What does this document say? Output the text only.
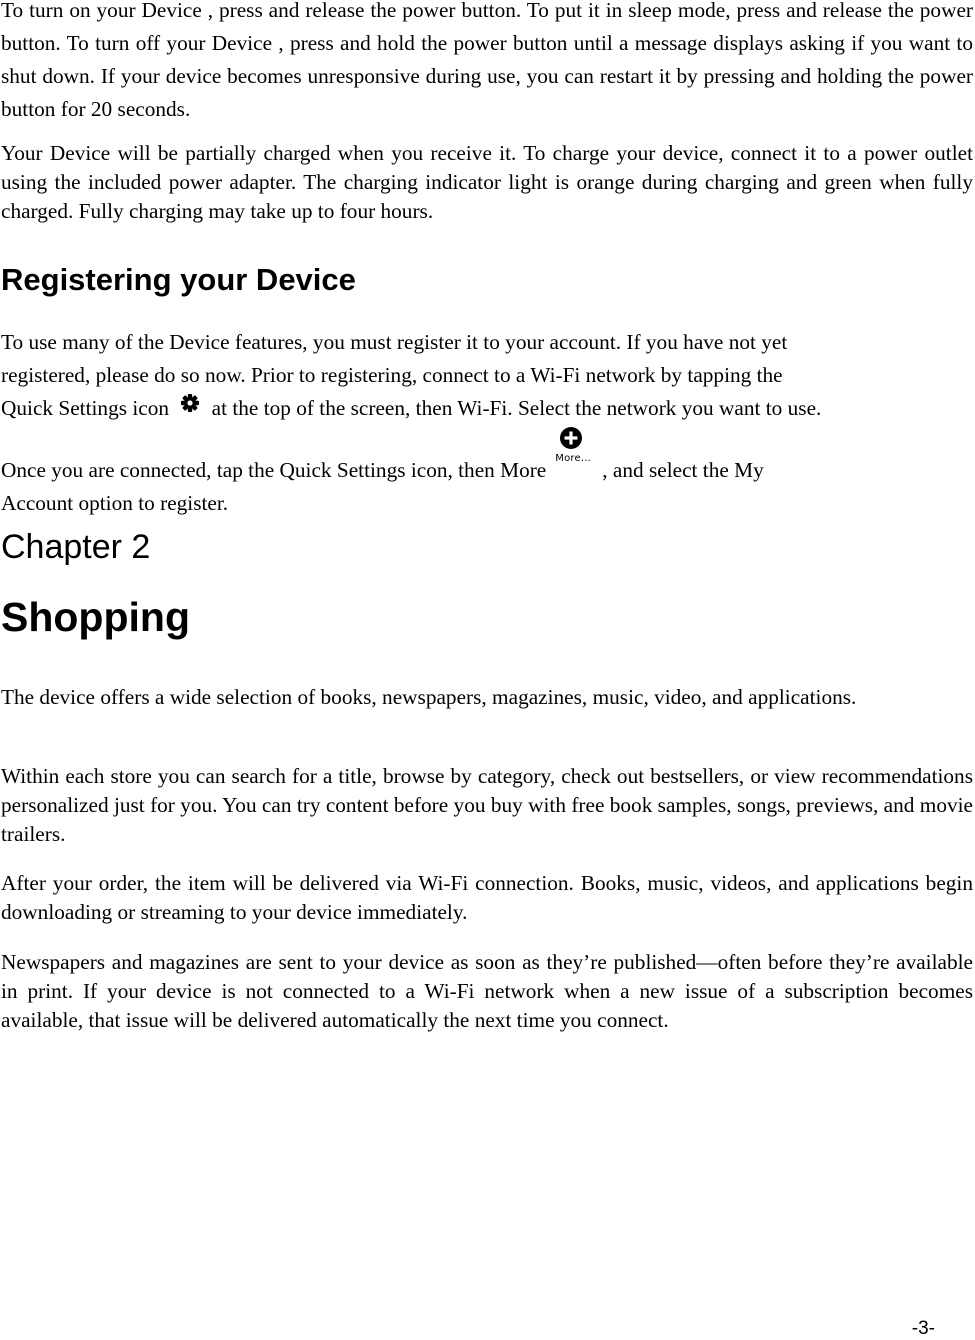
To turn on your Device , press and release the power button. To put it in sleep mode, press and release the power button. To turn off your Device , press and hold the power button until a message displays asking if you want to shut down. If your device becomes unresponsive during use, you can restart it by pressing and holding the power button for 20 seconds.

Your Device will be partially charged when you receive it. To charge your device, connect it to a power outlet using the included power adapter. The charging indicator light is orange during charging and green when fully charged. Fully charging may take up to four hours.

Registering your Device
To use many of the Device features, you must register it to your account. If you have not yet
registered, please do so now. Prior to registering, connect to a Wi-Fi network by tapping the
Quick Settings icon at the top of the screen, then Wi-Fi. Select the network you want to use.
Once you are connected, tap the Quick Settings icon, then More More… , and select the My
Account option to register.
Chapter 2
Shopping

The device offers a wide selection of books, newspapers, magazines, music, video, and applications.

Within each store you can search for a title, browse by category, check out bestsellers, or view recommendations personalized just for you. You can try content before you buy with free book samples, songs, previews, and movie trailers.

After your order, the item will be delivered via Wi-Fi connection. Books, music, videos, and applications begin downloading or streaming to your device immediately.

Newspapers and magazines are sent to your device as soon as they’re published—often before they’re available in print. If your device is not connected to a Wi-Fi network when a new issue of a subscription becomes available, that issue will be delivered automatically the next time you connect.

-3-
